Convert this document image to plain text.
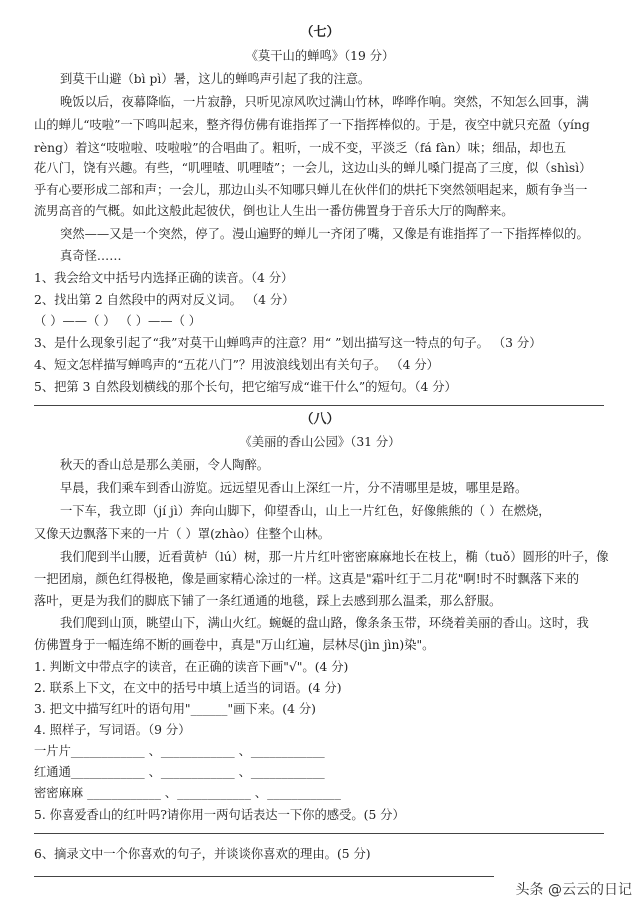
（七）
《莫干山的蝉鸣》（19 分）
到莫干山避（bì pì）暑，这儿的蝉鸣声引起了我的注意。
晚饭以后，夜幕降临，一片寂静，只听见凉风吹过满山竹林，哗哗作响。突然，不知怎么回事，满
山的蝉儿“吱啦”一下鸣叫起来，整齐得仿佛有谁指挥了一下指挥棒似的。于是，夜空中就只充盈（yíng
rèng）着这“吱啦啦、吱啦啦”的合唱曲了。粗听，一成不变，平淡乏（fá fàn）味；细品，却也五
花八门，饶有兴趣。有些，“叽哩喳、叽哩喳”；一会儿，这边山头的蝉儿嗓门提高了三度，似（shìsì）
乎有心要形成二部和声；一会儿，那边山头不知哪只蝉儿在伙伴们的烘托下突然领唱起来，颇有争当一
流男高音的气概。如此这般此起彼伏，倒也让人生出一番仿佛置身于音乐大厅的陶醉来。
突然——又是一个突然，停了。漫山遍野的蝉儿一齐闭了嘴，又像是有谁指挥了一下指挥棒似的。
真奇怪……
1、我会给文中括号内选择正确的读音。（4 分）
2、找出第 2 自然段中的两对反义词。 （4 分）
（ ）——（ ） （ ）——（ ）
3、是什么现象引起了“我”对莫干山蝉鸣声的注意？用“ ”划出描写这一特点的句子。 （3 分）
4、短文怎样描写蝉鸣声的“五花八门”？用波浪线划出有关句子。 （4 分）
5、把第 3 自然段划横线的那个长句，把它缩写成“谁干什么”的短句。（4 分）
（八）
《美丽的香山公园》（31 分）
秋天的香山总是那么美丽，令人陶醉。
早晨，我们乘车到香山游览。远远望见香山上深红一片，分不清哪里是坡，哪里是路。
一下车，我立即（jí jì）奔向山脚下，仰望香山，山上一片红色，好像熊熊的（ ）在燃烧，
又像天边飘落下来的一片（ ）罩(zhào）住整个山林。
我们爬到半山腰，近看黄栌（lú）树，那一片片红叶密密麻麻地长在枝上，椭（tuǒ）圆形的叶子，像
一把团扇，颜色红得极艳，像是画家精心涂过的一样。这真是"霜叶红于二月花"啊!时不时飘落下来的
落叶，更是为我们的脚底下铺了一条红通通的地毯，踩上去感到那么温柔，那么舒服。
我们爬到山顶，眺望山下，满山火红。蜿蜒的盘山路，像条条玉带，环绕着美丽的香山。这时，我
仿佛置身于一幅连绵不断的画卷中，真是"万山红遍，层林尽(jìn jìn)染"。
1. 判断文中带点字的读音，在正确的读音下画"√"。(4 分)
2. 联系上下文，在文中的括号中填上适当的词语。(4 分)
3. 把文中描写红叶的语句用"______"画下来。(4 分)
4. 照样子，写词语。（9 分）
一片片____________ 、____________ 、____________
红通通____________ 、____________ 、____________
密密麻麻 ____________ 、____________ 、____________
5. 你喜爱香山的红叶吗?请你用一两句话表达一下你的感受。(5 分）
6、摘录文中一个你喜欢的句子，并谈谈你喜欢的理由。(5 分)
头条 @云云的日记
